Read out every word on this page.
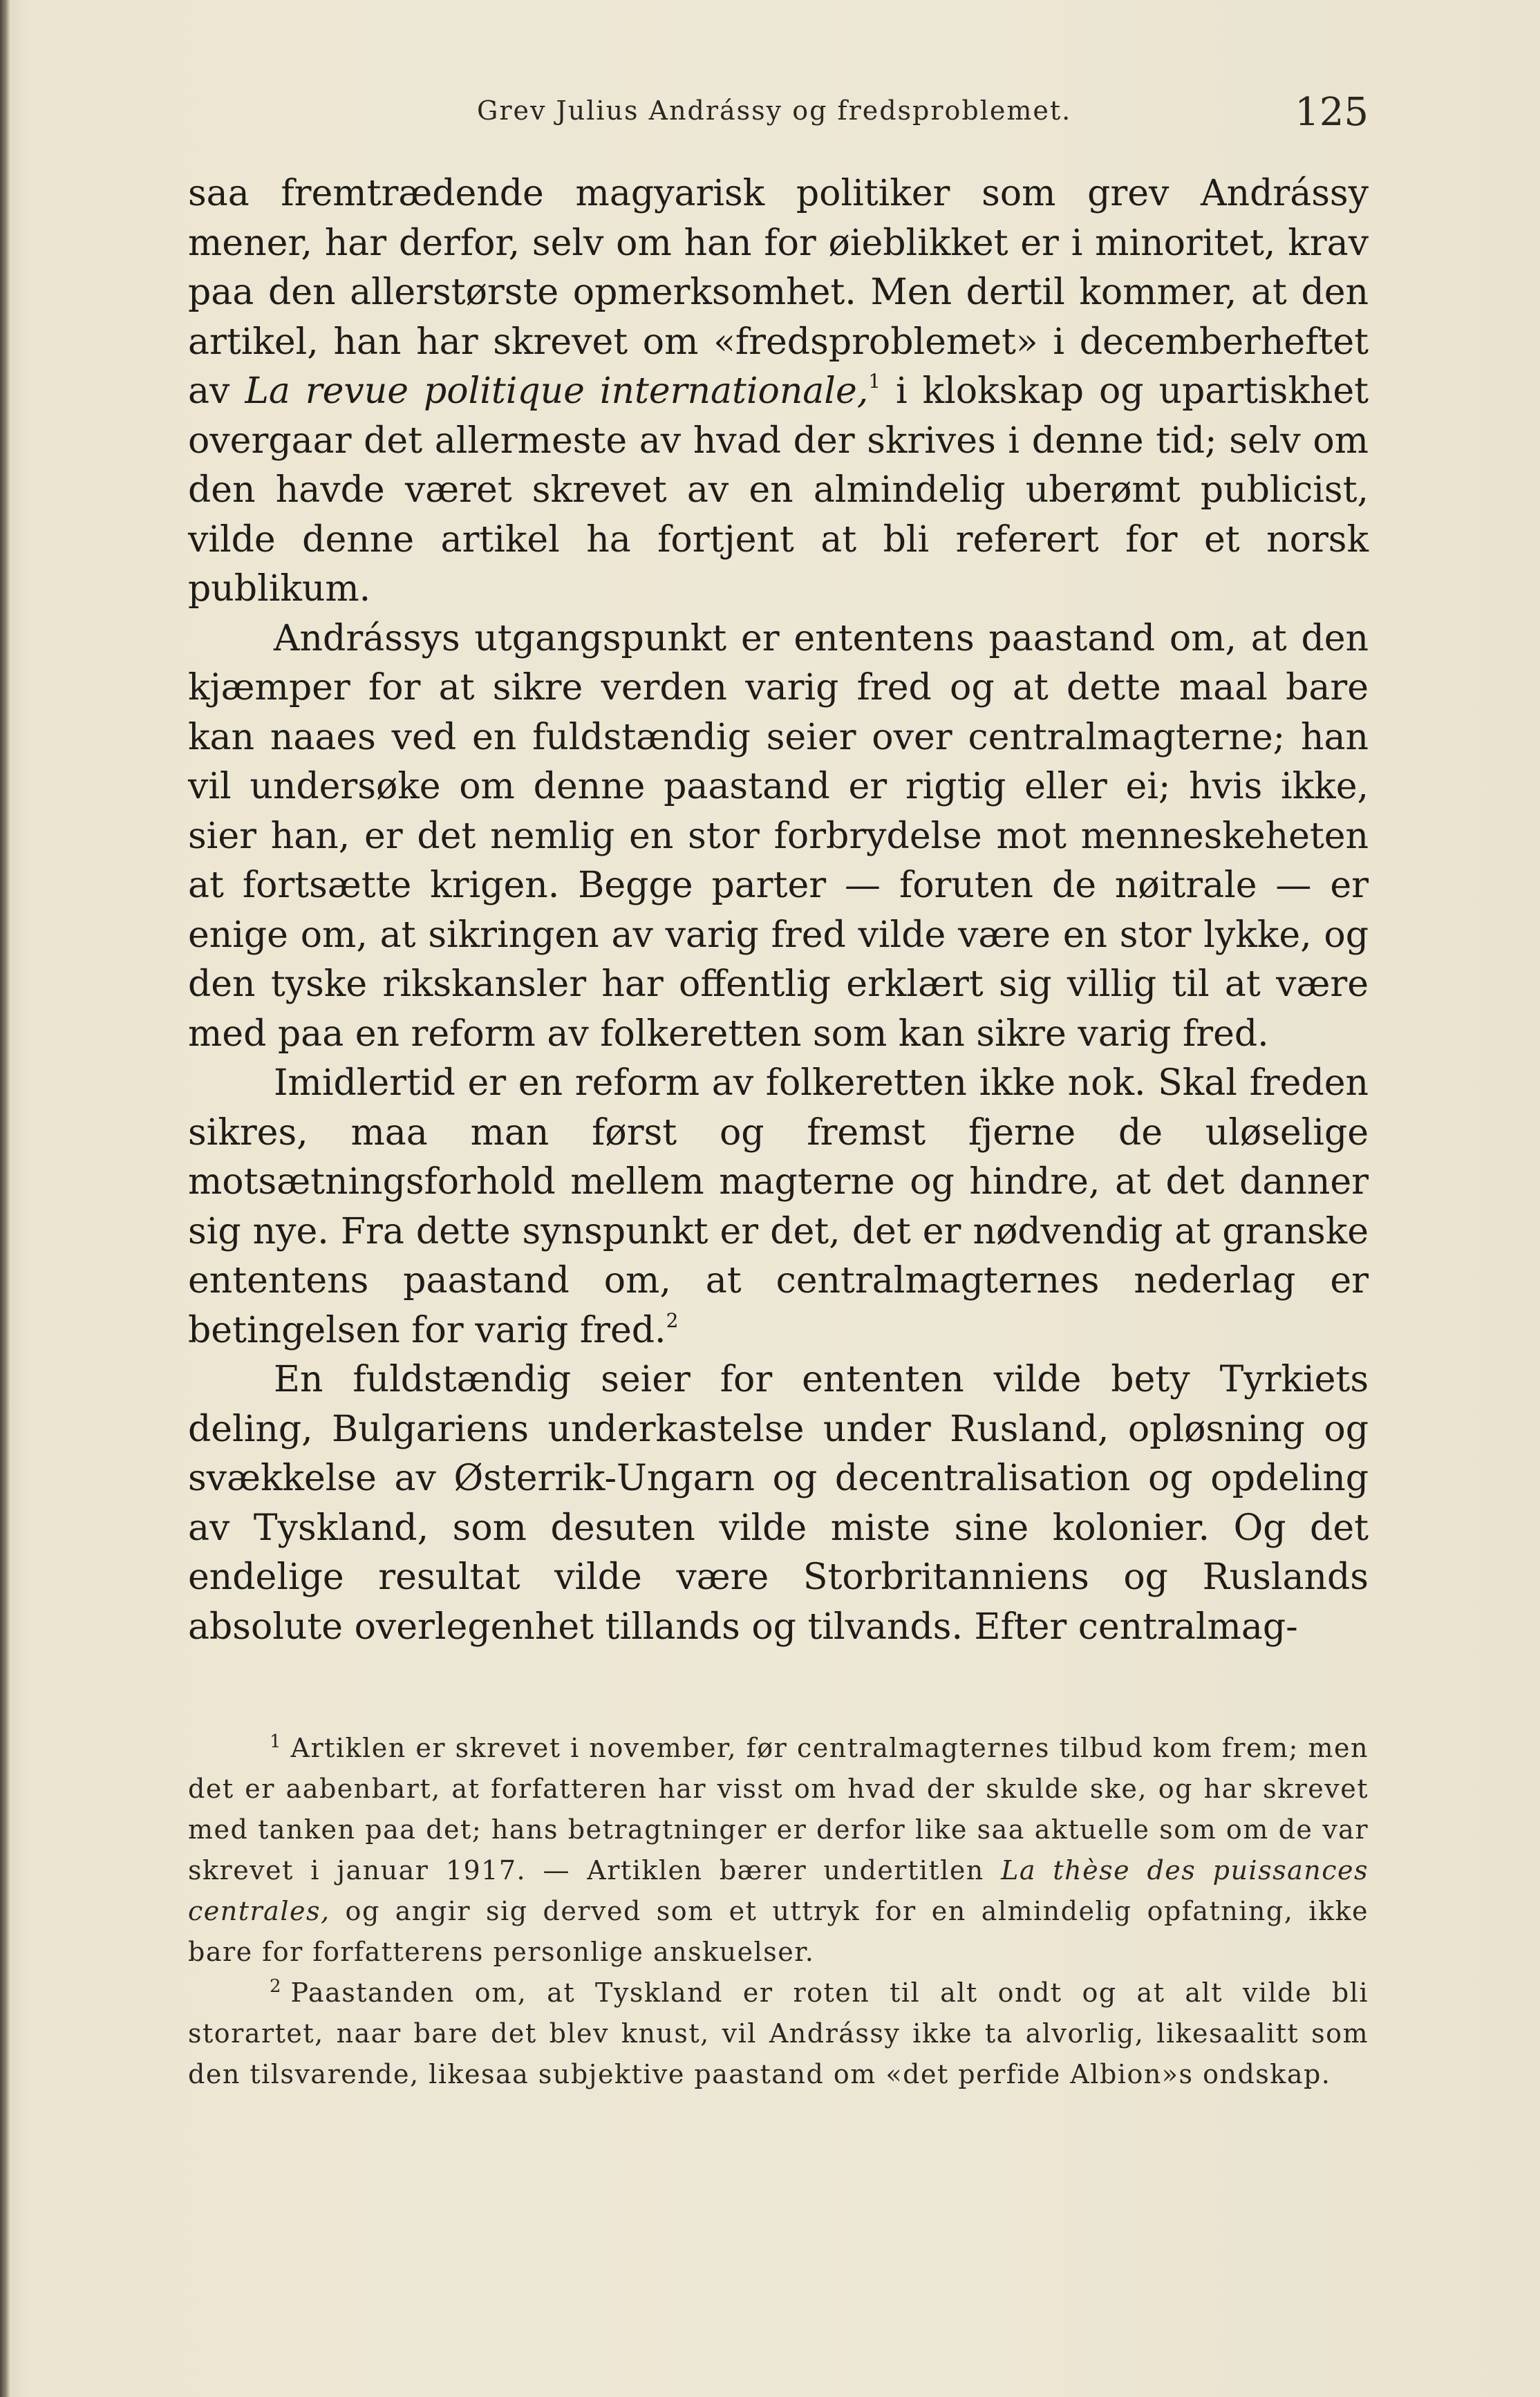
Grev Julius Andrássy og fredsproblemet.	125

saa fremtrædende magyarisk politiker som grev Andrássy mener, har derfor, selv om han for øieblikket er i minoritet, krav paa den allerstørste opmerksomhet. Men dertil kommer, at den artikel, han har skrevet om «fredsproblemet» i decemberheftet av La revue politique internationale,$^1$ i klokskap og upartiskhet overgaar det allermeste av hvad der skrives i denne tid; selv om den havde været skrevet av en almindelig uberømt publicist, vilde denne artikel ha fortjent at bli referert for et norsk publikum.

Andrássys utgangspunkt er ententens paastand om, at den kjæmper for at sikre verden varig fred og at dette maal bare kan naaes ved en fuldstændig seier over centralmagterne; han vil undersøke om denne paastand er rigtig eller ei; hvis ikke, sier han, er det nemlig en stor forbrydelse mot menneskeheten at fortsætte krigen. Begge parter — foruten de nøitrale — er enige om, at sikringen av varig fred vilde være en stor lykke, og den tyske rikskansler har offentlig erklært sig villig til at være med paa en reform av folkeretten som kan sikre varig fred.

Imidlertid er en reform av folkeretten ikke nok. Skal freden sikres, maa man først og fremst fjerne de uløselige motsætningsforhold mellem magterne og hindre, at det danner sig nye. Fra dette synspunkt er det, det er nødvendig at granske ententens paastand om, at centralmagternes nederlag er betingelsen for varig fred.$^2$

En fuldstændig seier for ententen vilde bety Tyrkiets deling, Bulgariens underkastelse under Rusland, opløsning og svækkelse av Østerrik-Ungarn og decentralisation og opdeling av Tyskland, som desuten vilde miste sine kolonier. Og det endelige resultat vilde være Storbritanniens og Ruslands absolute overlegenhet tillands og tilvands. Efter centralmag-

$^1$ Artiklen er skrevet i november, før centralmagternes tilbud kom frem; men det er aabenbart, at forfatteren har visst om hvad der skulde ske, og har skrevet med tanken paa det; hans betragtninger er derfor like saa aktuelle som om de var skrevet i januar 1917. — Artiklen bærer undertitlen La thèse des puissances centrales, og angir sig derved som et uttryk for en almindelig opfatning, ikke bare for forfatterens personlige anskuelser.

$^2$ Paastanden om, at Tyskland er roten til alt ondt og at alt vilde bli storartet, naar bare det blev knust, vil Andrássy ikke ta alvorlig, likesaalitt som den tilsvarende, likesaa subjektive paastand om «det perfide Albion»s ondskap.
